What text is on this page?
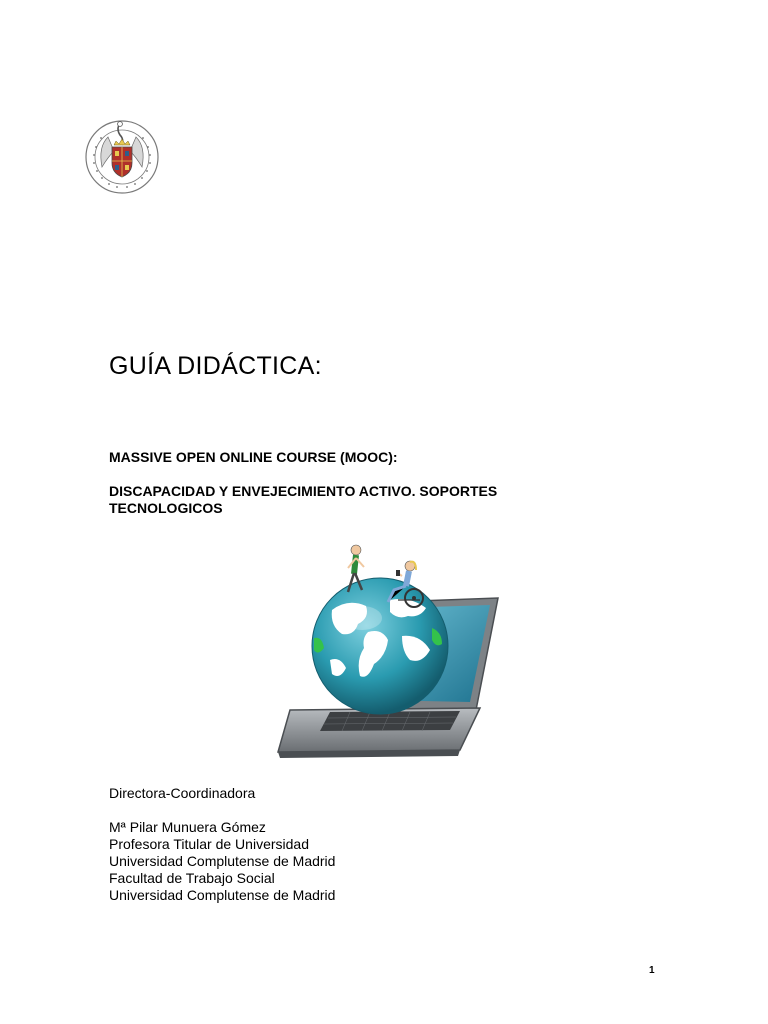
GUÍA DIDÁCTICA:

MASSIVE OPEN ONLINE COURSE (MOOC):

DISCAPACIDAD Y ENVEJECIMIENTO ACTIVO. SOPORTES

TECNOLOGICOS

Directora-Coordinadora

Mª Pilar Munuera Gómez
Profesora Titular de Universidad
Universidad Complutense de Madrid
Facultad de Trabajo Social
Universidad Complutense de Madrid
1
